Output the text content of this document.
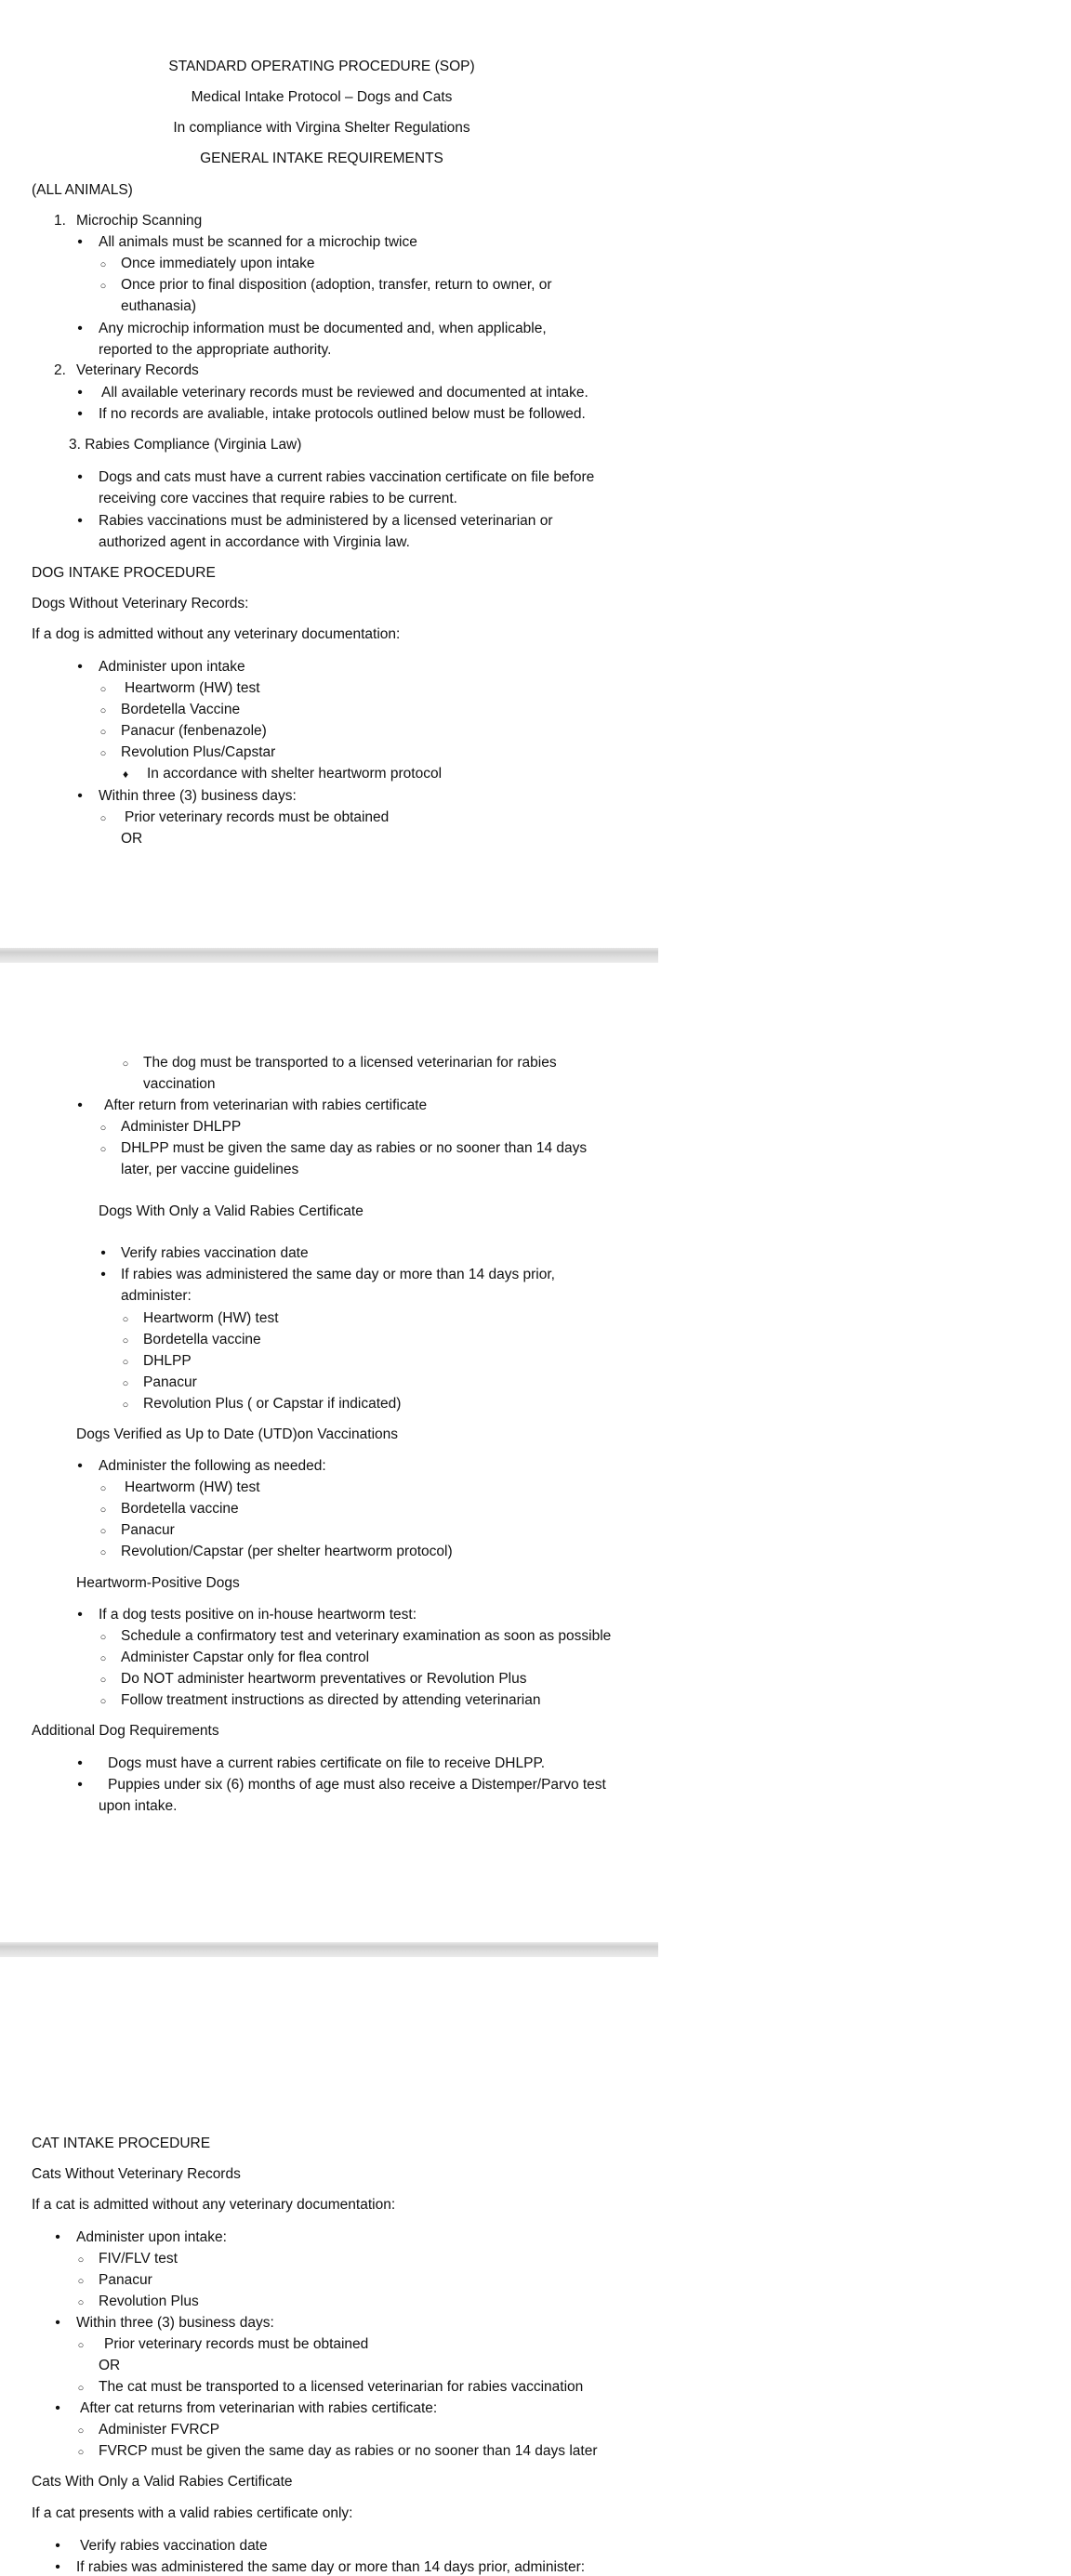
STANDARD OPERATING PROCEDURE (SOP)
Medical Intake Protocol – Dogs and Cats
In compliance with Virgina Shelter Regulations
GENERAL INTAKE REQUIREMENTS
(ALL ANIMALS)
1. Microchip Scanning
•
All animals must be scanned for a microchip twice
○
Once immediately upon intake
○
Once prior to final disposition (adoption, transfer, return to owner, or
euthanasia)
•
Any microchip information must be documented and, when applicable,
reported to the appropriate authority.
2. Veterinary Records
•
All available veterinary records must be reviewed and documented at intake.
•
If no records are avaliable, intake protocols outlined below must be followed.
3. Rabies Compliance (Virginia Law)
•
Dogs and cats must have a current rabies vaccination certificate on file before
receiving core vaccines that require rabies to be current.
•
Rabies vaccinations must be administered by a licensed veterinarian or
authorized agent in accordance with Virginia law.
DOG INTAKE PROCEDURE
Dogs Without Veterinary Records:
If a dog is admitted without any veterinary documentation:
•
Administer upon intake
○
Heartworm (HW) test
○
Bordetella Vaccine
○
Panacur (fenbenazole)
○
Revolution Plus/Capstar
♦
In accordance with shelter heartworm protocol
•
Within three (3) business days:
○
Prior veterinary records must be obtained
OR
○
The dog must be transported to a licensed veterinarian for rabies
vaccination
•
After return from veterinarian with rabies certificate
○
Administer DHLPP
○
DHLPP must be given the same day as rabies or no sooner than 14 days
later, per vaccine guidelines
Dogs With Only a Valid Rabies Certificate
•
Verify rabies vaccination date
•
If rabies was administered the same day or more than 14 days prior,
administer:
○
Heartworm (HW) test
○
Bordetella vaccine
○
DHLPP
○
Panacur
○
Revolution Plus ( or Capstar if indicated)
Dogs Verified as Up to Date (UTD)on Vaccinations
•
Administer the following as needed:
○
Heartworm (HW) test
○
Bordetella vaccine
○
Panacur
○
Revolution/Capstar (per shelter heartworm protocol)
Heartworm-Positive Dogs
•
If a dog tests positive on in-house heartworm test:
○
Schedule a confirmatory test and veterinary examination as soon as possible
○
Administer Capstar only for flea control
○
Do NOT administer heartworm preventatives or Revolution Plus
○
Follow treatment instructions as directed by attending veterinarian
Additional Dog Requirements
•
Dogs must have a current rabies certificate on file to receive DHLPP.
•
Puppies under six (6) months of age must also receive a Distemper/Parvo test
upon intake.
CAT INTAKE PROCEDURE
Cats Without Veterinary Records
If a cat is admitted without any veterinary documentation:
•
Administer upon intake:
○
FIV/FLV test
○
Panacur
○
Revolution Plus
•
Within three (3) business days:
○
Prior veterinary records must be obtained
OR
○
The cat must be transported to a licensed veterinarian for rabies vaccination
•
After cat returns from veterinarian with rabies certificate:
○
Administer FVRCP
○
FVRCP must be given the same day as rabies or no sooner than 14 days later
Cats With Only a Valid Rabies Certificate
If a cat presents with a valid rabies certificate only:
•
Verify rabies vaccination date
•
If rabies was administered the same day or more than 14 days prior, administer:
